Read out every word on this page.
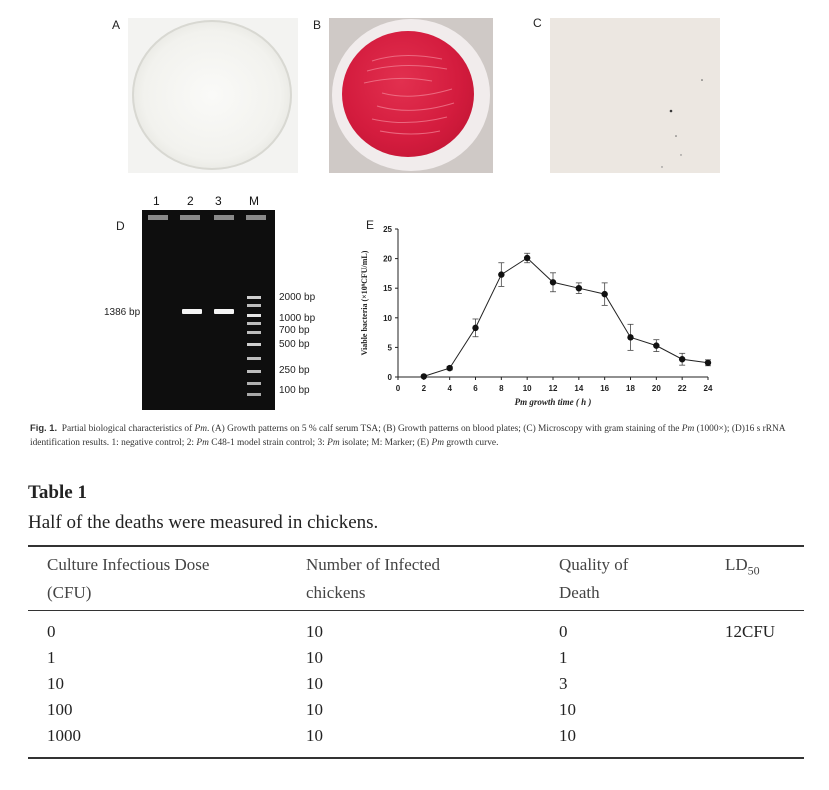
A	B	C
D	E
1 2 3 M
1386 bp
2000 bp
1000 bp
700 bp
500 bp
250 bp
100 bp	0	2	4	6	8 10 12 14 16 18 20 22 24
0
5
10
15
20
25
Pm growth time ( h )
Viable bacteria (×10⁹CFU/mL)
Fig. 1. Partial biological characteristics of Pm. (A) Growth patterns on 5 % calf serum TSA; (B) Growth patterns on blood plates; (C) Microscopy with gram staining of the Pm (1000×); (D)16 s rRNA identification results. 1: negative control; 2: Pm C48-1 model strain control; 3: Pm isolate; M: Marker; (E) Pm growth curve.
Table 1
Half of the deaths were measured in chickens.
Culture Infectious Dose
(CFU)
Number of Infected
chickens
Quality of
Death
$LD_{50}$
0	10	0	12CFU
1	10	1
10	10	3
100	10	10
1000	10	10
